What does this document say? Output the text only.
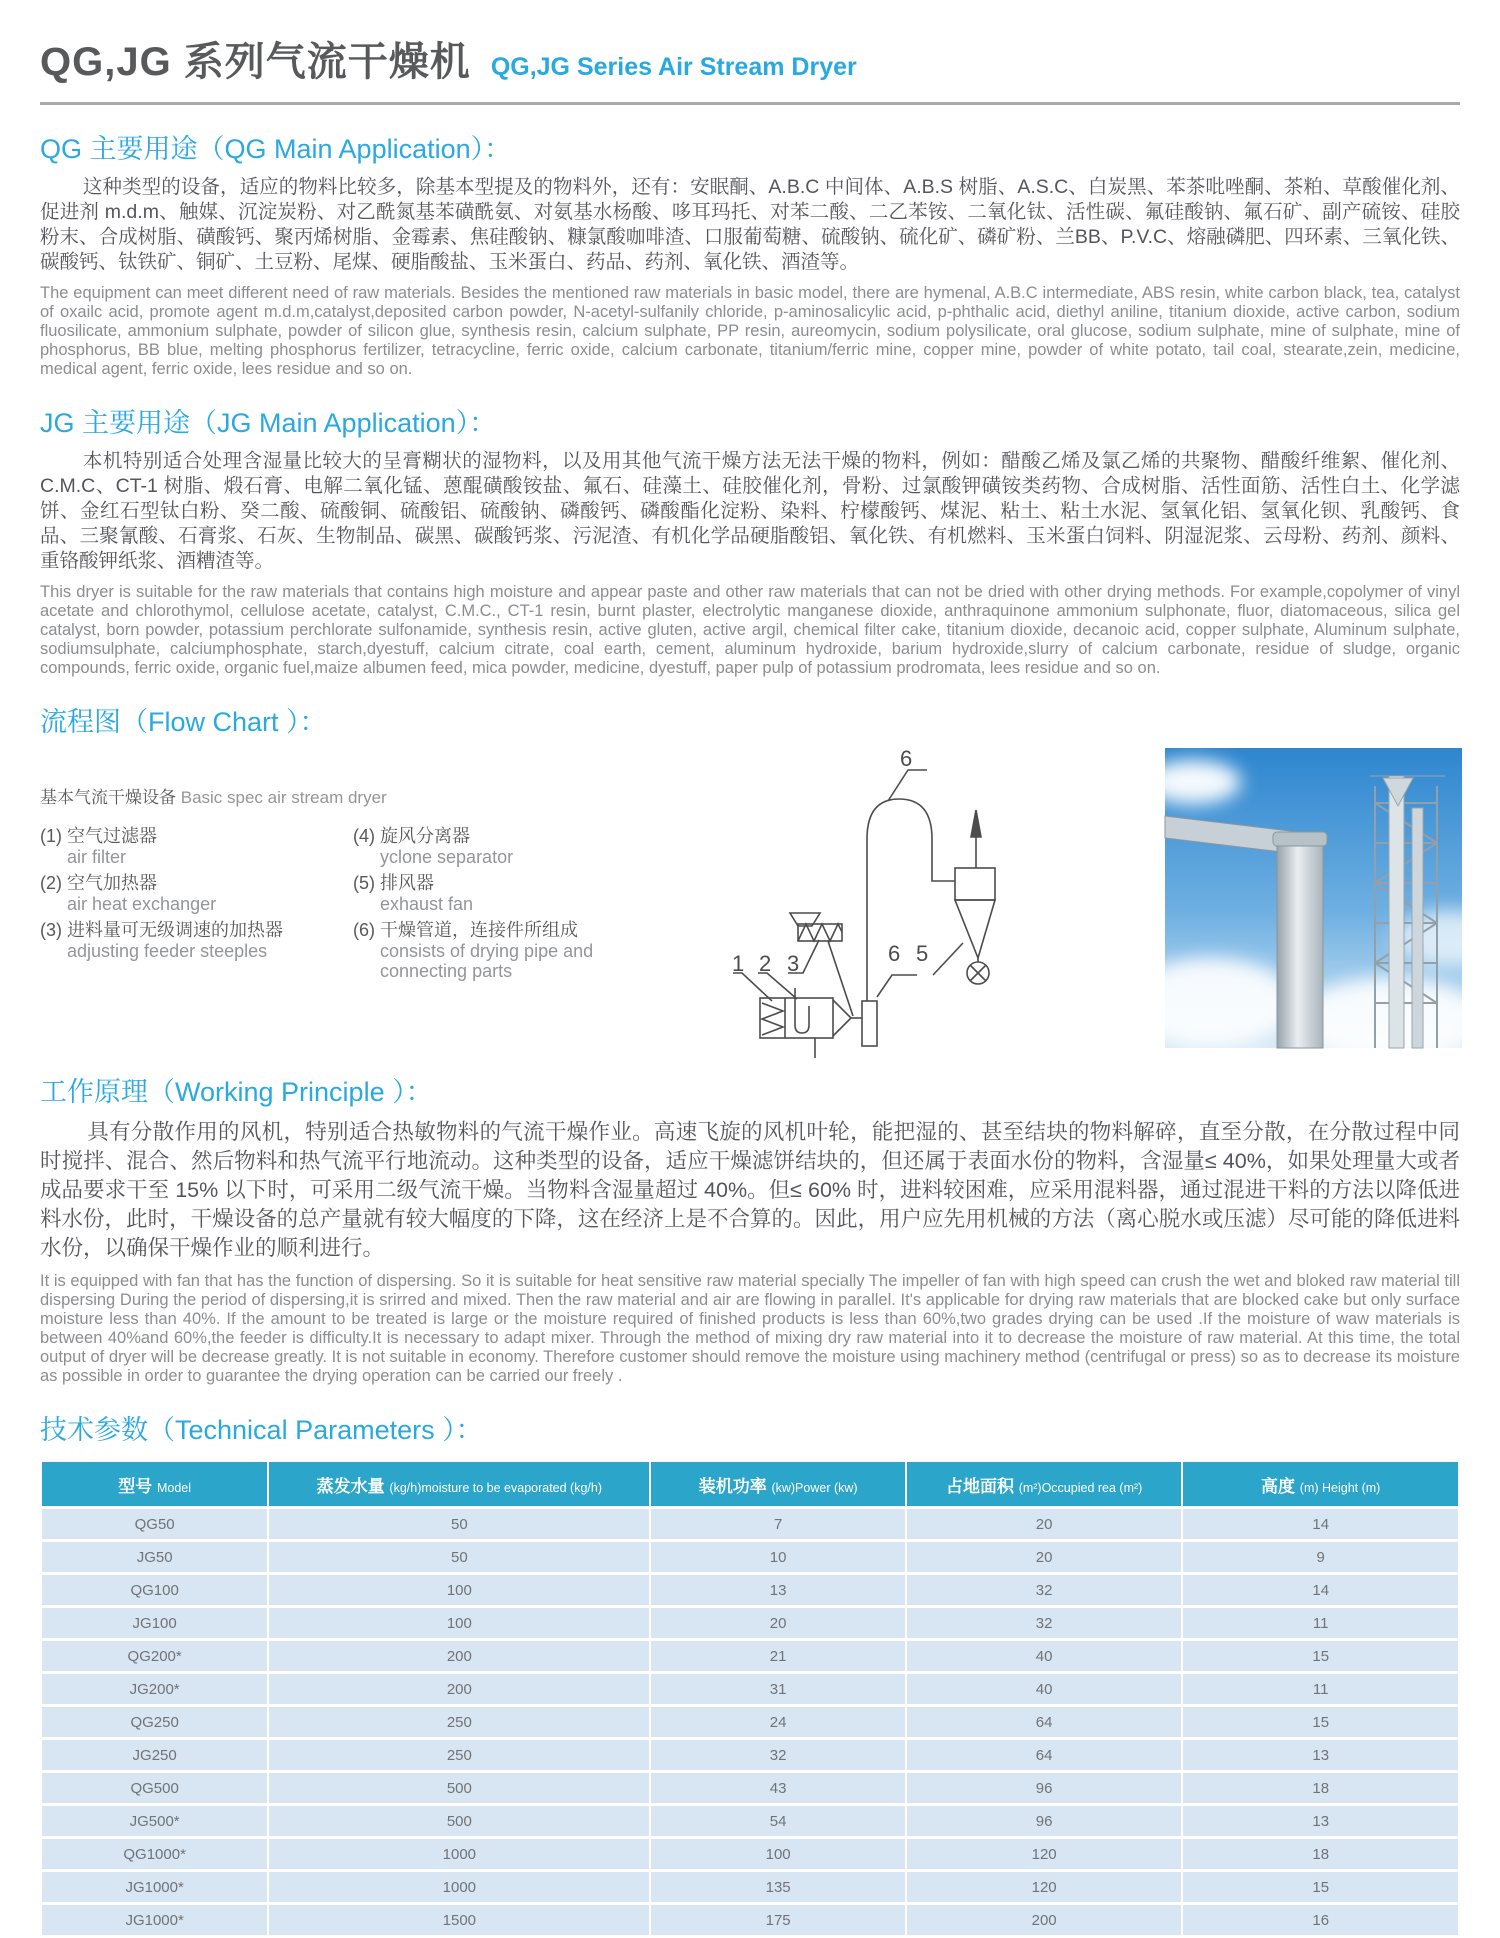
QG,JG 系列气流干燥机 QG,JG Series Air Stream Dryer
QG 主要用途（QG Main Application）：

这种类型的设备，适应的物料比较多，除基本型提及的物料外，还有：安眠酮、A.B.C 中间体、A.B.S 树脂、A.S.C、白炭黑、苯茶吡唑酮、茶粕、草酸催化剂、促进剂 m.d.m、触媒、沉淀炭粉、对乙酰氮基苯磺酰氨、对氨基水杨酸、哆耳玛托、对苯二酸、二乙苯铵、二氧化钛、活性碳、氟硅酸钠、氟石矿、副产硫铵、硅胶粉末、合成树脂、磺酸钙、聚丙烯树脂、金霉素、焦硅酸钠、糠氯酸咖啡渣、口服葡萄糖、硫酸钠、硫化矿、磷矿粉、兰BB、P.V.C、熔融磷肥、四环素、三氧化铁、碳酸钙、钛铁矿、铜矿、土豆粉、尾煤、硬脂酸盐、玉米蛋白、药品、药剂、氧化铁、酒渣等。

The equipment can meet different need of raw materials. Besides the mentioned raw materials in basic model, there are hymenal, A.B.C intermediate, ABS resin, white carbon black, tea, catalyst of oxailc acid, promote agent m.d.m,catalyst,deposited carbon powder, N-acetyl-sulfanily chloride, p-aminosalicylic acid, p-phthalic acid, diethyl aniline, titanium dioxide, active carbon, sodium fluosilicate, ammonium sulphate, powder of silicon glue, synthesis resin, calcium sulphate, PP resin, aureomycin, sodium polysilicate, oral glucose, sodium sulphate, mine of sulphate, mine of phosphorus, BB blue, melting phosphorus fertilizer, tetracycline, ferric oxide, calcium carbonate, titanium/ferric mine, copper mine, powder of white potato, tail coal, stearate,zein, medicine, medical agent, ferric oxide, lees residue and so on.

JG 主要用途（JG Main Application）：

本机特别适合处理含湿量比较大的呈膏糊状的湿物料，以及用其他气流干燥方法无法干燥的物料，例如：醋酸乙烯及氯乙烯的共聚物、醋酸纤维絮、催化剂、C.M.C、CT-1 树脂、煅石膏、电解二氧化锰、蒽醌磺酸铵盐、氟石、硅藻土、硅胶催化剂，骨粉、过氯酸钾磺铵类药物、合成树脂、活性面筋、活性白土、化学滤饼、金红石型钛白粉、癸二酸、硫酸铜、硫酸铝、硫酸钠、磷酸钙、磷酸酯化淀粉、染料、柠檬酸钙、煤泥、粘土、粘土水泥、氢氧化铝、氢氧化钡、乳酸钙、食品、三聚氰酸、石膏浆、石灰、生物制品、碳黑、碳酸钙浆、污泥渣、有机化学品硬脂酸铝、氧化铁、有机燃料、玉米蛋白饲料、阴湿泥浆、云母粉、药剂、颜料、重铬酸钾纸浆、酒糟渣等。

This dryer is suitable for the raw materials that contains high moisture and appear paste and other raw materials that can not be dried with other drying methods. For example,copolymer of vinyl acetate and chlorothymol, cellulose acetate, catalyst, C.M.C., CT-1 resin, burnt plaster, electrolytic manganese dioxide, anthraquinone ammonium sulphonate, fluor, diatomaceous, silica gel catalyst, born powder, potassium perchlorate sulfonamide, synthesis resin, active gluten, active argil, chemical filter cake, titanium dioxide, decanoic acid, copper sulphate, Aluminum sulphate, sodiumsulphate, calciumphosphate, starch,dyestuff, calcium citrate, coal earth, cement, aluminum hydroxide, barium hydroxide,slurry of calcium carbonate, residue of sludge, organic compounds, ferric oxide, organic fuel,maize albumen feed, mica powder, medicine, dyestuff, paper pulp of potassium prodromata, lees residue and so on.

流程图（Flow Chart ）：
基本气流干燥设备 Basic spec air stream dryer
(1) 空气过滤器
air filter
(2) 空气加热器
air heat exchanger
(3) 进料量可无级调速的加热器
adjusting feeder steeples
(4) 旋风分离器
yclone separator
(5) 排风器
exhaust fan
(6) 干燥管道，连接件所组成
consists of drying pipe and connecting parts	1 2 3	5
6
6
工作原理（Working Principle ）：

具有分散作用的风机，特别适合热敏物料的气流干燥作业。高速飞旋的风机叶轮，能把湿的、甚至结块的物料解碎，直至分散，在分散过程中同时搅拌、混合、然后物料和热气流平行地流动。这种类型的设备，适应干燥滤饼结块的，但还属于表面水份的物料，含湿量≤ 40%，如果处理量大或者成品要求干至 15% 以下时，可采用二级气流干燥。当物料含湿量超过 40%。但≤ 60% 时，进料较困难，应采用混料器，通过混进干料的方法以降低进料水份，此时，干燥设备的总产量就有较大幅度的下降，这在经济上是不合算的。因此，用户应先用机械的方法（离心脱水或压滤）尽可能的降低进料水份，以确保干燥作业的顺利进行。

It is equipped with fan that has the function of dispersing. So it is suitable for heat sensitive raw material specially The impeller of fan with high speed can crush the wet and bloked raw material till dispersing During the period of dispersing,it is srirred and mixed. Then the raw material and air are flowing in parallel. It's applicable for drying raw materials that are blocked cake but only surface moisture less than 40%. If the amount to be treated is large or the moisture required of finished products is less than 60%,two grades drying can be used .If the moisture of waw materials is between 40%and 60%,the feeder is difficulty.It is necessary to adapt mixer. Through the method of mixing dry raw material into it to decrease the moisture of raw material. At this time, the total output of dryer will be decrease greatly. It is not suitable in economy. Therefore customer should remove the moisture using machinery method (centrifugal or press) so as to decrease its moisture as possible in order to guarantee the drying operation can be carried our freely .

技术参数（Technical Parameters ）：
型号 Model	蒸发水量 (kg/h)moisture to be evaporated (kg/h)	装机功率 (kw)Power (kw)	占地面积 (m²)Occupied rea (m²)	高度 (m) Height (m)
QG50	50	7	20	14
JG50	50	10	20	9
QG100	100	13	32	14
JG100	100	20	32	11
QG200*	200	21	40	15
JG200*	200	31	40	11
QG250	250	24	64	15
JG250	250	32	64	13
QG500	500	43	96	18
JG500*	500	54	96	13
QG1000*	1000	100	120	18
JG1000*	1000	135	120	15
JG1000*	1500	175	200	16
